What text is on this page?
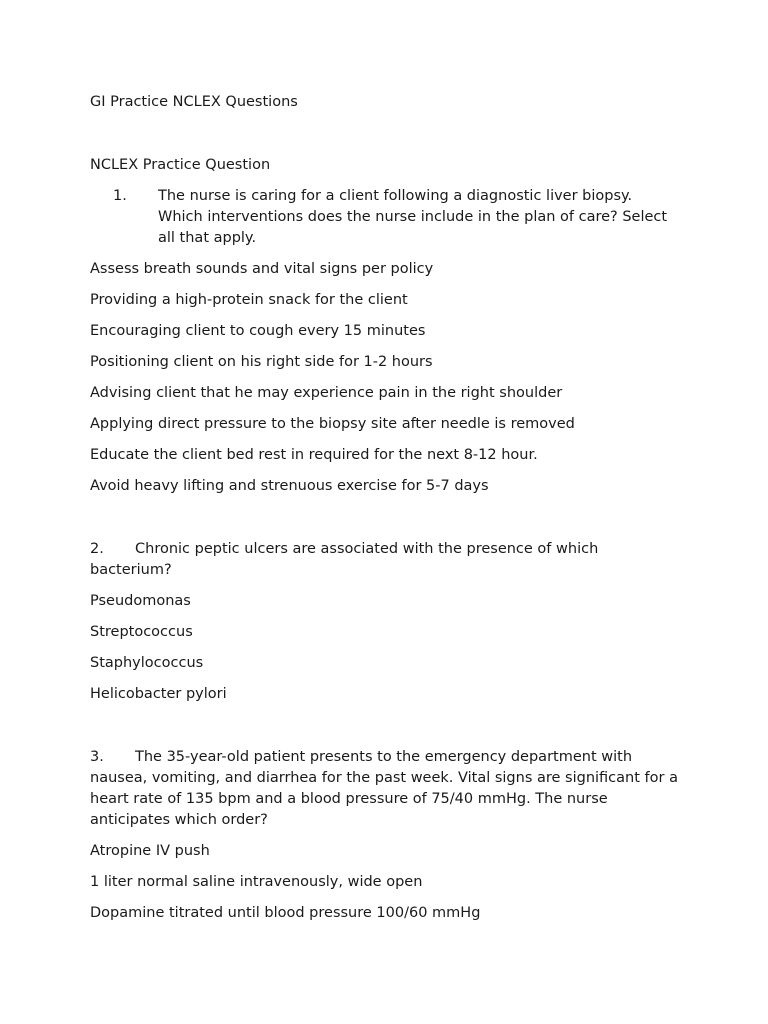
GI Practice NCLEX Questions

NCLEX Practice Question

1.	The nurse is caring for a client following a diagnostic liver biopsy. Which interventions does the nurse include in the plan of care? Select all that apply.

Assess breath sounds and vital signs per policy

Providing a high-protein snack for the client

Encouraging client to cough every 15 minutes

Positioning client on his right side for 1-2 hours

Advising client that he may experience pain in the right shoulder

Applying direct pressure to the biopsy site after needle is removed

Educate the client bed rest in required for the next 8-12 hour.

Avoid heavy lifting and strenuous exercise for 5-7 days

2. Chronic peptic ulcers are associated with the presence of which bacterium?

Pseudomonas

Streptococcus

Staphylococcus

Helicobacter pylori

3. The 35-year-old patient presents to the emergency department with nausea, vomiting, and diarrhea for the past week. Vital signs are significant for a heart rate of 135 bpm and a blood pressure of 75/40 mmHg. The nurse anticipates which order?

Atropine IV push

1 liter normal saline intravenously, wide open

Dopamine titrated until blood pressure 100/60 mmHg
